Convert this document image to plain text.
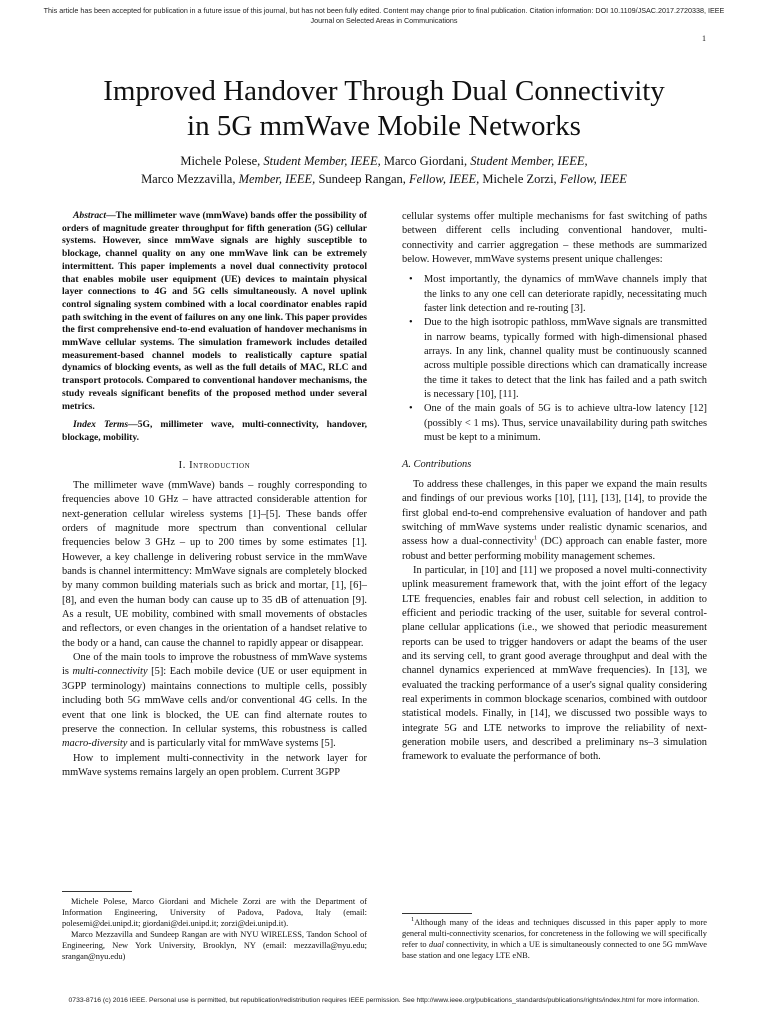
This article has been accepted for publication in a future issue of this journal, but has not been fully edited. Content may change prior to final publication. Citation information: DOI 10.1109/JSAC.2017.2720338, IEEE Journal on Selected Areas in Communications
1
Improved Handover Through Dual Connectivity
in 5G mmWave Mobile Networks
Michele Polese, Student Member, IEEE, Marco Giordani, Student Member, IEEE,
Marco Mezzavilla, Member, IEEE, Sundeep Rangan, Fellow, IEEE, Michele Zorzi, Fellow, IEEE

Abstract—The millimeter wave (mmWave) bands offer the possibility of orders of magnitude greater throughput for fifth generation (5G) cellular systems. However, since mmWave signals are highly susceptible to blockage, channel quality on any one mmWave link can be extremely intermittent. This paper implements a novel dual connectivity protocol that enables mobile user equipment (UE) devices to maintain physical layer connections to 4G and 5G cells simultaneously. A novel uplink control signaling system combined with a local coordinator enables rapid path switching in the event of failures on any one link. This paper provides the first comprehensive end-to-end evaluation of handover mechanisms in mmWave cellular systems. The simulation framework includes detailed measurement-based channel models to realistically capture spatial dynamics of blocking events, as well as the full details of MAC, RLC and transport protocols. Compared to conventional handover mechanisms, the study reveals significant benefits of the proposed method under several metrics.

Index Terms—5G, millimeter wave, multi-connectivity, handover, blockage, mobility.

I. Introduction

The millimeter wave (mmWave) bands – roughly corresponding to frequencies above 10 GHz – have attracted considerable attention for next-generation cellular wireless systems [1]–[5]. These bands offer orders of magnitude more spectrum than conventional cellular frequencies below 3 GHz – up to 200 times by some estimates [1]. However, a key challenge in delivering robust service in the mmWave bands is channel intermittency: MmWave signals are completely blocked by many common building materials such as brick and mortar, [1], [6]–[8], and even the human body can cause up to 35 dB of attenuation [9]. As a result, UE mobility, combined with small movements of obstacles and reflectors, or even changes in the orientation of a handset relative to the body or a hand, can cause the channel to rapidly appear or disappear.

One of the main tools to improve the robustness of mmWave systems is multi-connectivity [5]: Each mobile device (UE or user equipment in 3GPP terminology) maintains connections to multiple cells, possibly including both 5G mmWave cells and/or conventional 4G cells. In the event that one link is blocked, the UE can find alternate routes to preserve the connection. In cellular systems, this robustness is called macro-diversity and is particularly vital for mmWave systems [5].

How to implement multi-connectivity in the network layer for mmWave systems remains largely an open problem. Current 3GPP

cellular systems offer multiple mechanisms for fast switching of paths between different cells including conventional handover, multi-connectivity and carrier aggregation – these methods are summarized below. However, mmWave systems present unique challenges:

• Most importantly, the dynamics of mmWave channels imply that the links to any one cell can deteriorate rapidly, necessitating much faster link detection and re-routing [3].
• Due to the high isotropic pathloss, mmWave signals are transmitted in narrow beams, typically formed with high-dimensional phased arrays. In any link, channel quality must be continuously scanned across multiple possible directions which can dramatically increase the time it takes to detect that the link has failed and a path switch is necessary [10], [11].
• One of the main goals of 5G is to achieve ultra-low latency [12] (possibly < 1 ms). Thus, service unavailability during path switches must be kept to a minimum.
A. Contributions

To address these challenges, in this paper we expand the main results and findings of our previous works [10], [11], [13], [14], to provide the first global end-to-end comprehensive evaluation of handover and path switching of mmWave systems under realistic dynamic scenarios, and assess how a dual-connectivity$^1$ (DC) approach can enable faster, more robust and better performing mobility management schemes.

In particular, in [10] and [11] we proposed a novel multi-connectivity uplink measurement framework that, with the joint effort of the legacy LTE frequencies, enables fair and robust cell selection, in addition to efficient and periodic tracking of the user, suitable for several control-plane cellular applications (i.e., we showed that periodic measurement reports can be used to trigger handovers or adapt the beams of the user and its serving cell, to grant good average throughput and deal with the channel dynamics experienced at mmWave frequencies). In [13], we evaluated the tracking performance of a user's signal quality considering real experiments in common blockage scenarios, combined with outdoor statistical models. Finally, in [14], we discussed two possible ways to integrate 5G and LTE networks to improve the reliability of next-generation mobile users, and described a preliminary ns–3 simulation framework to evaluate the performance of both.

Michele Polese, Marco Giordani and Michele Zorzi are with the Department of Information Engineering, University of Padova, Padova, Italy (email: polesemi@dei.unipd.it; giordani@dei.unipd.it; zorzi@dei.unipd.it).

Marco Mezzavilla and Sundeep Rangan are with NYU WIRELESS, Tandon School of Engineering, New York University, Brooklyn, NY (email: mezzavilla@nyu.edu; srangan@nyu.edu)

$^1$Although many of the ideas and techniques discussed in this paper apply to more general multi-connectivity scenarios, for concreteness in the following we will specifically refer to dual connectivity, in which a UE is simultaneously connected to one 5G mmWave base station and one legacy LTE eNB.

0733-8716 (c) 2016 IEEE. Personal use is permitted, but republication/redistribution requires IEEE permission. See http://www.ieee.org/publications_standards/publications/rights/index.html for more information.
